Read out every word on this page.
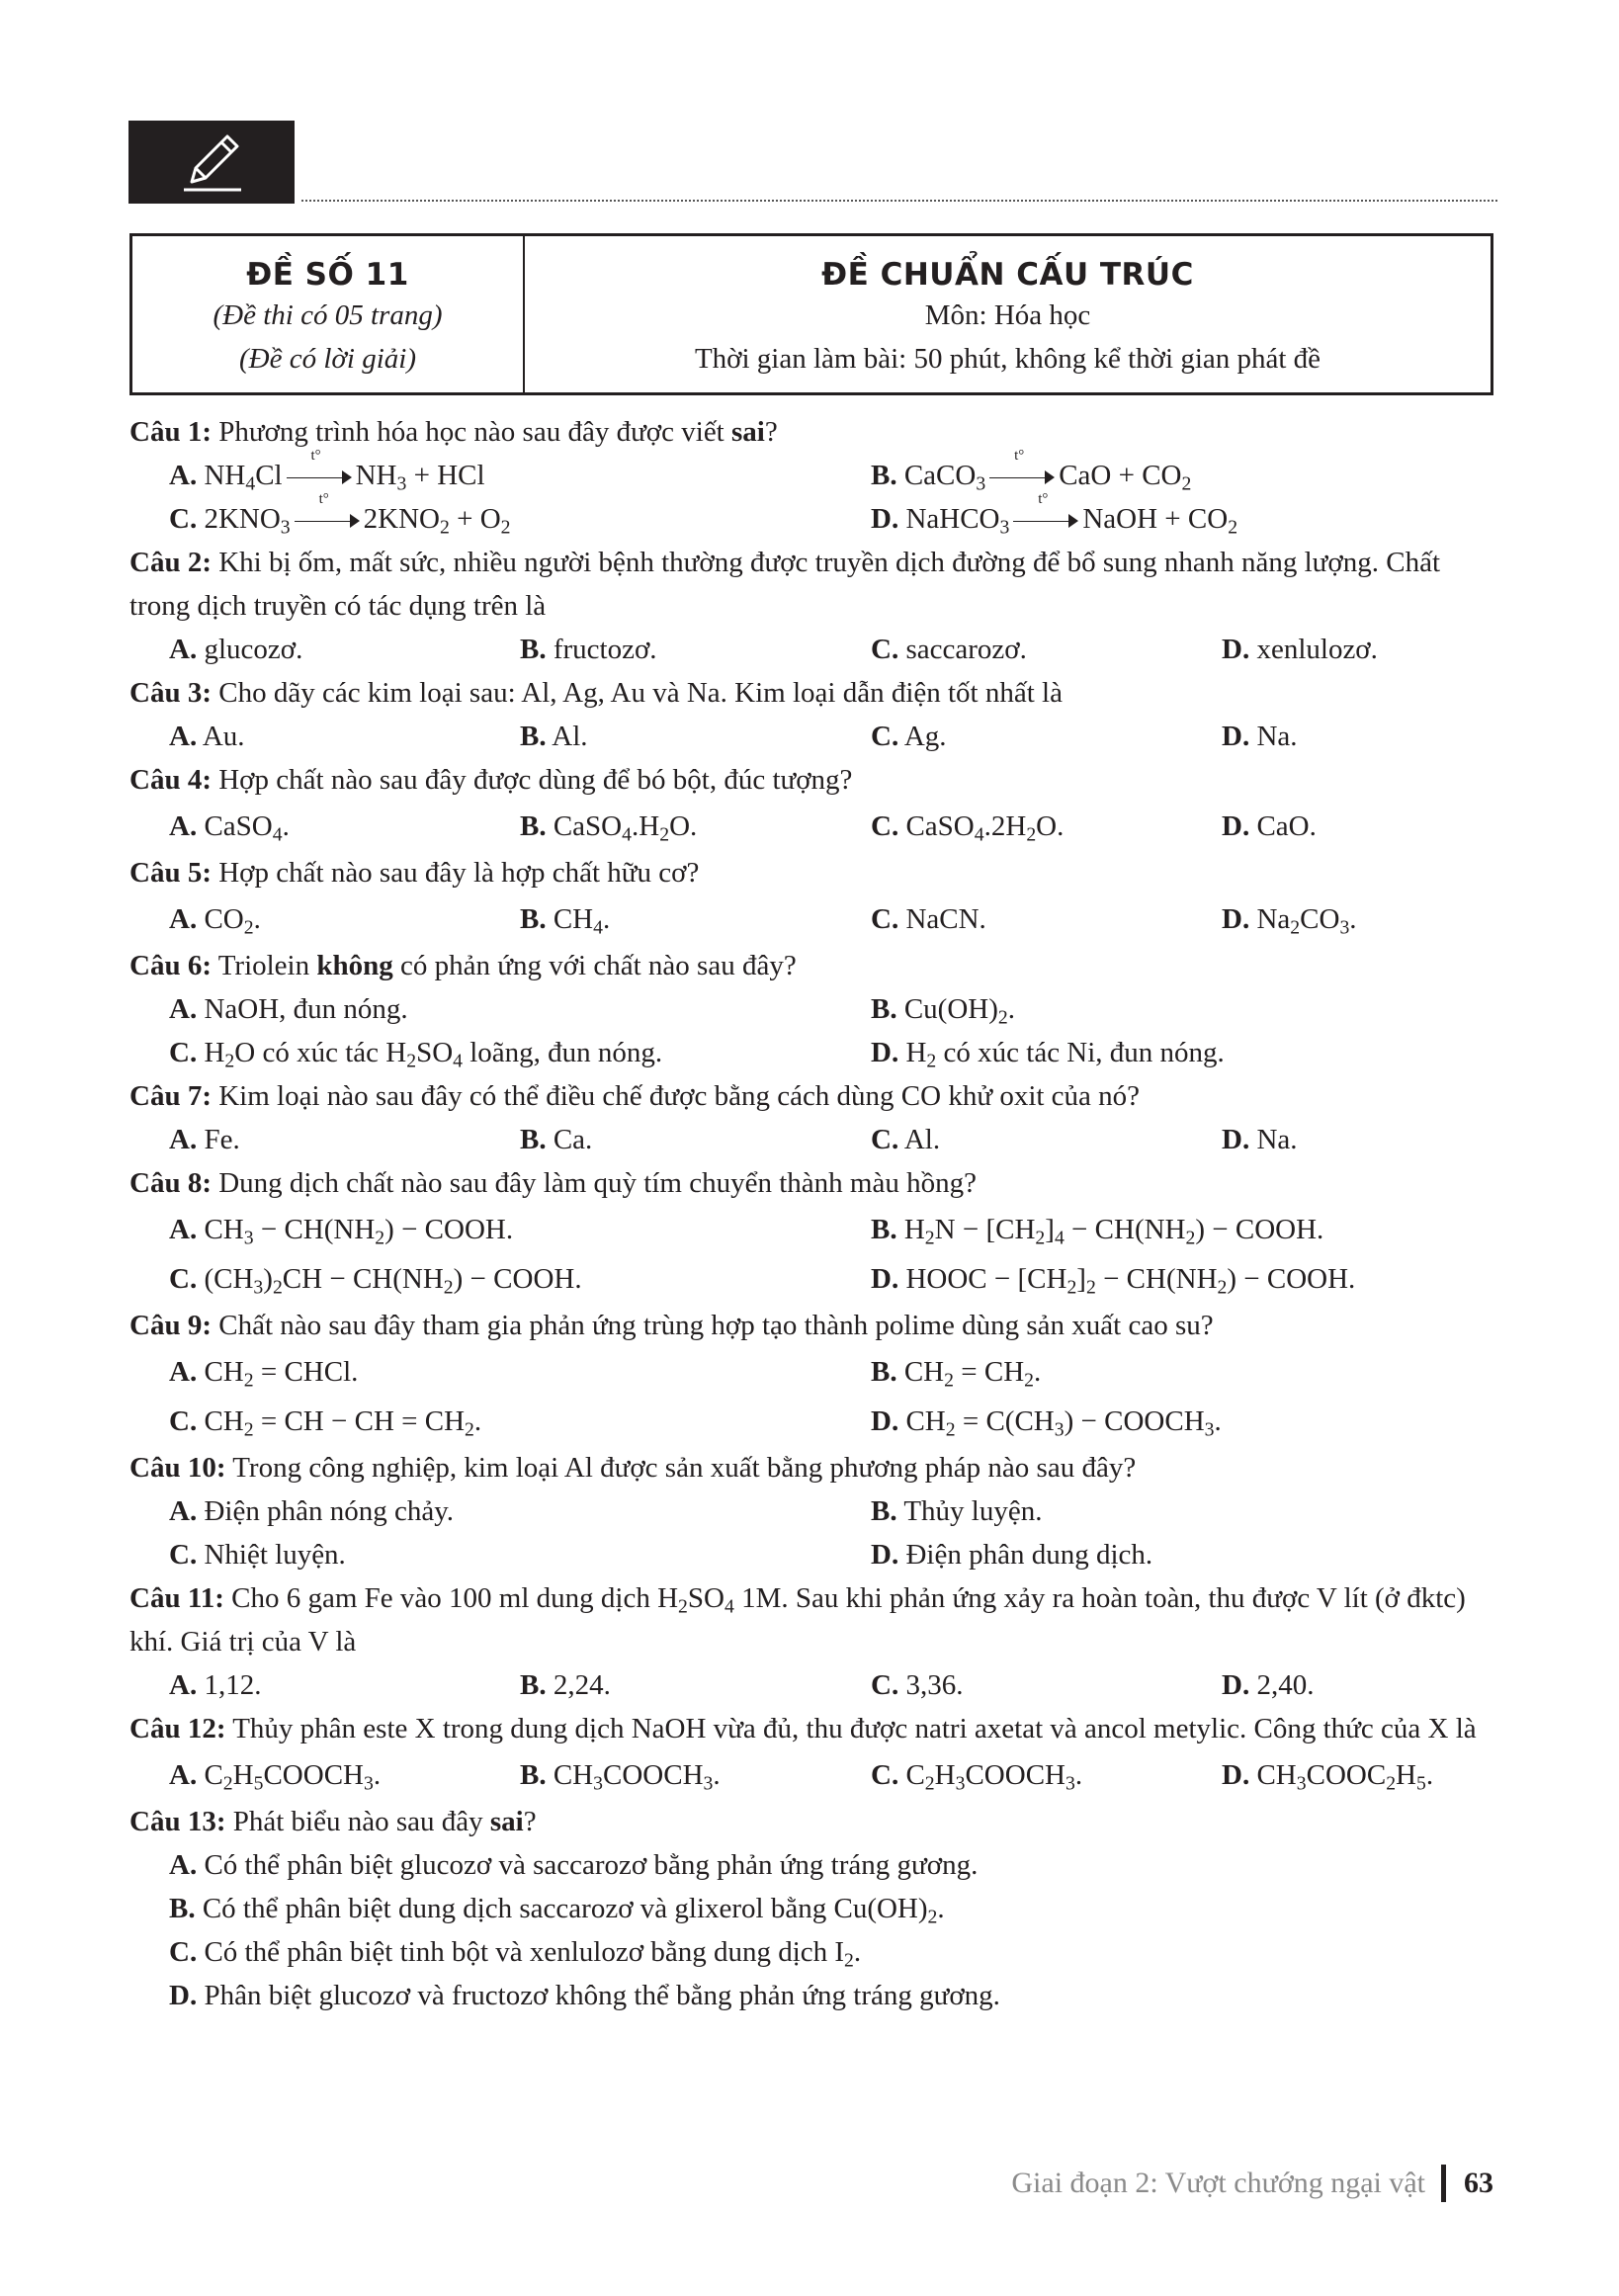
ĐỀ SỐ 11
(Đề thi có 05 trang)
(Đề có lời giải)
ĐỀ CHUẨN CẤU TRÚC
Môn: Hóa học
Thời gian làm bài: 50 phút, không kể thời gian phát đề
Câu 1: Phương trình hóa học nào sau đây được viết sai?
A. $NH_4Cl$
t°
$NH_3$ + HCl	B. CaCO$_3$
t°
CaO + $CO_2$
C. $2KNO_3$
t°
$2KNO_2 + O_2$	D. NaHCO$_3$
t°
NaOH + $CO_2$
Câu 2: Khi bị ốm, mất sức, nhiều người bệnh thường được truyền dịch đường để bổ sung nhanh năng lượng. Chất trong dịch truyền có tác dụng trên là
A. glucozơ.	B. fructozơ.	C. saccarozơ.	D. xenlulozơ.
Câu 3: Cho dãy các kim loại sau: Al, Ag, Au và Na. Kim loại dẫn điện tốt nhất là
A. Au.	B. Al.	C. Ag.	D. Na.
Câu 4: Hợp chất nào sau đây được dùng để bó bột, đúc tượng?
A. CaSO$_4$.	B. $CaSO_4.H_2O$.	C. $CaSO_4.2H_2O$.	D. CaO.
Câu 5: Hợp chất nào sau đây là hợp chất hữu cơ?
A. $CO_2$.	B. $CH_4$.	C. NaCN.	D. $Na_2CO_3$.
Câu 6: Triolein không có phản ứng với chất nào sau đây?
A. NaOH, đun nóng.	B. $Cu(OH)_2$.
C. $H_2O$ có xúc tác $H_2SO_4$ loãng, đun nóng.	D. $H_2$ có xúc tác Ni, đun nóng.
Câu 7: Kim loại nào sau đây có thể điều chế được bằng cách dùng CO khử oxit của nó?
A. Fe.	B. Ca.	C. Al.	D. Na.
Câu 8: Dung dịch chất nào sau đây làm quỳ tím chuyển thành màu hồng?
A. $CH_3 - CH(NH_2)$ − COOH.	B. $H_2N - [CH_2]_4 - CH(NH_2)$ − COOH.
C. $(CH_3)_2CH - CH(NH_2)$ − COOH.	D. HOOC − $[CH_2]_2 - CH(NH_2)$ − COOH.
Câu 9: Chất nào sau đây tham gia phản ứng trùng hợp tạo thành polime dùng sản xuất cao su?
A. $CH_2$ = CHCl.	B. $CH_2 = CH_2$.
C. $CH_2$ = CH − CH = $CH_2$.	D. $CH_2 = C(CH_3)$ − $COOCH_3$.
Câu 10: Trong công nghiệp, kim loại Al được sản xuất bằng phương pháp nào sau đây?
A. Điện phân nóng chảy.	B. Thủy luyện.
C. Nhiệt luyện.	D. Điện phân dung dịch.
Câu 11: Cho 6 gam Fe vào 100 ml dung dịch $H_2SO_4$ 1M. Sau khi phản ứng xảy ra hoàn toàn, thu được V lít (ở đktc) khí. Giá trị của V là
A. 1,12.	B. 2,24.	C. 3,36.	D. 2,40.
Câu 12: Thủy phân este X trong dung dịch NaOH vừa đủ, thu được natri axetat và ancol metylic. Công thức của X là
A. $C_2H_5COOCH_3$.	B. $CH_3COOCH_3$.	C. $C_2H_3COOCH_3$.	D. $CH_3COOC_2H_5$.
Câu 13: Phát biểu nào sau đây sai?
A. Có thể phân biệt glucozơ và saccarozơ bằng phản ứng tráng gương.
B. Có thể phân biệt dung dịch saccarozơ và glixerol bằng $Cu(OH)_2$.
C. Có thể phân biệt tinh bột và xenlulozơ bằng dung dịch $I_2$.
D. Phân biệt glucozơ và fructozơ không thể bằng phản ứng tráng gương.
Giai đoạn 2: Vượt chướng ngại vật 63
